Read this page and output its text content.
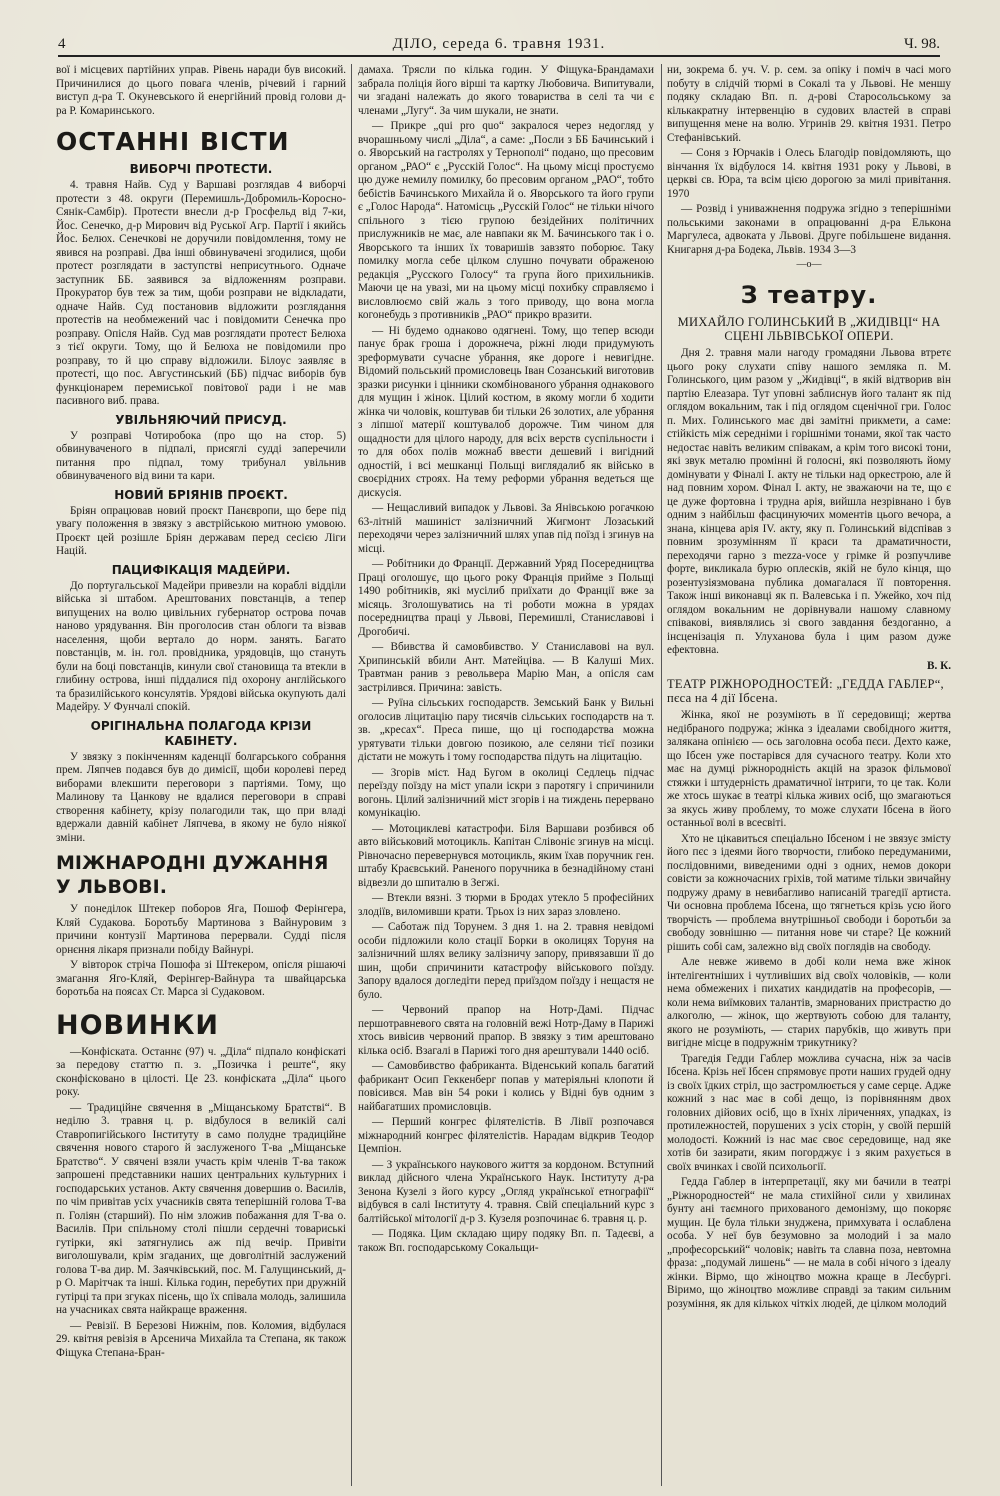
4	ДІЛО, середа 6. травня 1931.	Ч. 98.

вої і місцевих партійних управ. Рівень наради був високий. Причинилися до цього повага членів, річевий і гарний виступ д-ра Т. Окуневського й енергійний провід голови д-ра Р. Комаринського.

ОСТАННІ ВІСТИ
ВИБОРЧІ ПРОТЕСТИ.

4. травня Найв. Суд у Варшаві розглядав 4 виборчі протести з 48. округи (Перемишль-Добромиль-Коросно-Сянік-Самбір). Протести внесли д-р Гросфельд від 7-ки, Йос. Сенечко, д-р Мирович від Руської Агр. Партії і якийсь Йос. Белюх. Сенечкові не доручили повідомлення, тому не явився на розправі. Два інші обвинувачені згодилися, щоби протест розглядати в заступстві неприсутнього. Одначе заступник ББ. заявився за відложенням розправи. Прокуратор був теж за тим, щоби розправи не відкладати, одначе Найв. Суд постановив відложити розглядання протестів на необмежений час і повідомити Сенечка про розправу. Опісля Найв. Суд мав розглядати протест Белюха з тієї округи. Тому, що й Белюха не повідомили про розправу, то й цю справу відложили. Білоус заявляє в протесті, що пос. Августинський (ББ) підчас виборів був функціонарем перемиської повітової ради і не мав пасивного виб. права.

УВІЛЬНЯЮЧИЙ ПРИСУД.

У розправі Чотиробока (про що на стор. 5) обвинуваченого в підпалі, присяглі судді заперечили питання про підпал, тому трибунал увільнив обвинуваченого від вини та кари.

НОВИЙ БРІЯНІВ ПРОЄКТ.

Бріян опрацював новий проєкт Панєвропи, що бере під увагу положення в звязку з австрійською митною умовою. Проєкт цей розішле Бріян державам перед сесією Ліги Націй.

ПАЦИФІКАЦІЯ МАДЕЙРИ.

До португальської Мадейри привезли на кораблі відділи війська зі штабом. Арештованих повстанців, а тепер випущених на волю цивільних губернатор острова почав наново урядування. Він проголосив стан облоги та візвав населення, щоби вертало до норм. занять. Багато повстанців, м. ін. гол. провідника, урядовців, що стануть були на боці повстанців, кинули свої становища та втекли в глибину острова, інші піддалися під охорону англійського та бразилійського консулятів. Урядові війська окупують далі Мадейру. У Фунчалі спокій.

ОРІГІНАЛЬНА ПОЛАГОДА КРІЗИ КАБІНЕТУ.

У звязку з покінченням каденції болгарського собрання прем. Ляпчев подався був до димісії, щоби королеві перед виборами влекшити переговори з партіями. Тому, що Малинову та Цанкову не вдалися переговори в справі створення кабінету, крізу полагодили так, що при владі вдержали давній кабінет Ляпчева, в якому не було ніякої зміни.

МІЖНАРОДНІ ДУЖАННЯ У ЛЬВОВІ.

У понеділок Штекер поборов Яга, Пошоф Ферінгера, Кляй Судакова. Боротьбу Мартинова з Вайнуровим з причини контузії Мартинова перервали. Судді після орнєння лікаря признали побіду Вайнурі.

У вівторок стріча Пошофа зі Штекером, опісля рішаючі змагання Яго-Кляй, Ферінгер-Вайнура та швайцарська боротьба на поясах Ст. Марса зі Судаковом.

НОВИНКИ

—Конфіската. Останнє (97) ч. „Діла“ підпало конфіскаті за передову статтю п. з. „Позичка і реште“, яку сконфісковано в цілості. Це 23. конфіската „Діла“ цього року.

— Традиційне свячення в „Міщанському Братстві“. В неділю 3. травня ц. р. відбулося в великій салі Ставропигійського Інституту в само полудне традиційне свячення нового старого й заслуженого Т-ва „Міщанське Братство“. У свячені взяли участь крім членів Т-ва також запрошені представники наших центральних культурних і господарських установ. Акту свячення довершив о. Василів, по чім привітав усіх учасників свята теперішній голова Т-ва п. Голіян (старший). По нім зложив побажання для Т-ва о. Василів. При спільному столі пішли сердечні товариські гутірки, які затягнулись аж під вечір. Привіти виголошували, крім згаданих, ще довголітній заслужений голова Т-ва дир. М. Заячківський, пос. М. Галущинський, д-р О. Марітчак та інші. Кілька годин, перебутих при дружній гутірці та при згуках пісень, що їх співала молодь, залишила на учасниках свята найкраще враження.

— Ревізії. В Березові Нижнім, пов. Коломия, відбулася 29. квітня ревізія в Арсенича Михайла та Степана, як також Фіщука Степана-Бран-

дамаха. Трясли по кілька годин. У Фіщука-Брандамахи забрала поліція його вірші та картку Любовича. Випитували, чи згадані належать до якого товариства в селі та чи є членами „Лугу“. За чим шукали, не знати.

— Прикре „qui pro quo“ закралося через недогляд у вчорашньому числі „Діла“, а саме: „Посли з ББ Бачинський і о. Яворський на гастролях у Тернополі“ подано, що пресовим органом „РАО“ є „Русскій Голос“. На цьому місці простуємо цю дуже немилу помилку, бо пресовим органом „РАО“, тобто бебістів Бачинського Михайла й о. Яворського та його групи є „Голос Народа“. Натомісць „Русскій Голос“ не тільки нічого спільного з тією групою безідейних політичних прислужників не має, але навпаки як М. Бачинського так і о. Яворського та інших їх товаришів завзято поборює. Таку помилку могла себе цілком слушно почувати ображеною редакція „Русского Голосу“ та група його прихильників. Маючи це на увазі, ми на цьому місці похибку справляємо і висловлюємо свій жаль з того приводу, що вона могла когонебудь з противників „РАО“ прикро вразити.

— Ні будемо однаково одягнені. Тому, що тепер всюди панує брак гроша і дорожнеча, ріжні люди придумують зреформувати сучасне убрання, яке дороге і невигідне. Відомий польський промисловець Іван Созанський виготовив зразки рисунки і цінники скомбінованого убрання однакового для мущин і жінок. Цілий костюм, в якому могли б ходити жінка чи чоловік, коштував би тільки 26 золотих, але убрання з ліпшої матерії коштувалоб дорожче. Тим чином для ощадности для цілого народу, для всіх верств суспільности і то для обох полів можнаб ввести дешевий і вигідний одностій, і всі мешканці Польщі виглядалиб як військо в своєрідних строях. На тему реформи убрання ведеться ще дискусія.

— Нещасливий випадок у Львові. За Янівською рогачкою 63-літній машиніст залізничний Жигмонт Лозаський переходячи через залізничний шлях упав під поїзд і згинув на місці.

— Робітники до Франції. Державний Уряд Посередництва Праці оголошує, що цього року Франція прийме з Польщі 1490 робітників, які мусілиб приїхати до Франції вже за місяць. Зголошуватись на ті роботи можна в урядах посередництва праці у Львові, Перемишлі, Станиславові і Дрогобичі.

— Вбивства й самовбивство. У Станиславові на вул. Хрипинській вбили Ант. Матейціва. — В Калуші Мих. Травтман ранив з револьвера Марію Ман, а опісля сам застрілився. Причина: завість.

— Руїна сільських господарств. Земський Банк у Вильні оголосив ліцитацію пару тисячів сільських господарств на т. зв. „кресах“. Преса пише, що ці господарства можна урятувати тільки довгою позикою, але селяни тієї позики дістати не можуть і тому господарства підуть на ліцитацію.

— Згорів міст. Над Бугом в околиці Седлець підчас переїзду поїзду на міст упали іскри з паротягу і спричинили вогонь. Цілий залізничний міст згорів і на тиждень перервано комунікацію.

— Мотоциклеві катастрофи. Біля Варшави розбився об авто військовий мотоцикль. Капітан Слівоніє згинув на місці. Рівночасно перевернувся мотоцикль, яким їхав поручник ген. штабу Краєвський. Раненого поручника в безнадійному стані відвезли до шпиталю в Зегжі.

— Втекли вязні. З тюрми в Бродах утекло 5 професійних злодіїв, виломивши крати. Трьох із них зараз зловлено.

— Саботаж під Торунем. З дня 1. на 2. травня невідомі особи підложили коло стації Борки в околицях Торуня на залізничний шлях велику залізничу запору, привязавши її до шин, щоби спричинити катастрофу військового поїзду. Запору вдалося догледіти перед приїздом поїзду і нещастя не було.

— Червоний прапор на Нотр-Дамі. Підчас першотравневого свята на головній вежі Нотр-Даму в Парижі хтось вивісив червоний прапор. В звязку з тим арештовано кілька осіб. Взагалі в Парижі того дня арештували 1440 осіб.

— Самовбивство фабриканта. Віденський копаль багатий фабрикант Осип Геккенберг попав у матеріяльні клопоти й повісився. Мав він 54 роки і колись у Відні був одним з найбагатших промисловців.

— Перший конгрес філятелістів. В Лівії розпочався міжнародний конгрес філятелістів. Нарадам відкрив Теодор Цемпіон.

— З українського наукового життя за кордоном. Вступний виклад дійсного члена Українського Наук. Інституту д-ра Зенона Кузелі з його курсу „Огляд української етнографії“ відбувся в салі Інституту 4. травня. Свій спеціальний курс з балтійської мітології д-р З. Кузеля розпочинає 6. травня ц. р.

— Подяка. Цим складаю щиру подяку Вп. п. Тадеєві, а також Вп. господарському Сокальщи-

ни, зокрема б. уч. V. р. сем. за опіку і поміч в часі мого побуту в слідчій тюрмі в Сокалі та у Львові. Не меншу подяку складаю Вп. п. д-рові Старосольському за кількакратну інтервенцію в судових властей в справі випущення мене на волю. Угринів 29. квітня 1931. Петро Стефанівський.

— Соня з Юрчаків і Олесь Благодір повідомляють, що вінчання їх відбулося 14. квітня 1931 року у Львові, в церкві св. Юра, та всім цією дорогою за милі привітання. 1970

— Розвід і униважнення подружа згідно з теперішніми польськими законами в опрацюванні д-ра Елькона Маргулеса, адвоката у Львові. Друге побільшене видання. Книгарня д-ра Бодека, Львів. 1934 3—3

—o—
З театру.
МИХАЙЛО ГОЛИНСЬКИЙ В „ЖИДІВЦІ“ НА СЦЕНІ ЛЬВІВСЬКОЇ ОПЕРИ.

Дня 2. травня мали нагоду громадяни Львова втретє цього року слухати співу нашого земляка п. М. Голинського, цим разом у „Жидівці“, в якій відтворив він партію Елеазара. Тут уповні заблиснув його талант як під оглядом вокальним, так і під оглядом сценічної гри. Голос п. Мих. Голинського має дві замітні прикмети, а саме: стійкість між середніми і горішніми тонами, якої так часто недостає навіть великим співакам, а крім того високі тони, які звук металю промінні й голосні, які позволяють йому домінувати у Фіналі І. акту не тільки над оркестрою, але й над повним хором. Фінал І. акту, не зважаючи на те, що є це дуже фортовна і трудна арія, вийшла незрівнано і був одним з найбільш фасцинуючих моментів цього вечора, а знана, кінцева арія IV. акту, яку п. Голинський відспівав з повним зрозумінням її краси та драматичности, переходячи гарно з mezza-voce у грімке й розпучливе форте, викликала бурю оплесків, якій не було кінця, що розентузіязмована публика домагалася її повторення. Також інші виконавці як п. Валевська і п. Ужейко, хоч під оглядом вокальним не дорівнували нашому славному співакові, виявлялись зі свого завдання бездоганно, а інсценізація п. Улуханова була і цим разом дуже ефектовна.

В. К.

ТЕАТР РІЖНОРОДНОСТЕЙ: „ГЕДДА ГАБЛЕР“, пєса на 4 дії Ібсена.

Жінка, якої не розуміють в її середовищі; жертва недібраного подружа; жінка з ідеалами свобідного життя, залякана опінією — ось заголовна особа пєси. Дехто каже, що Ібсен уже постарівся для сучасного театру. Коли хто має на думці ріжнородність акцій на зразок фільмової стяжки і штудерність драматичної інтриги, то це так. Коли же хтось шукає в театрі кілька живих осіб, що змагаються за якусь живу проблему, то може слухати Ібсена в його останньої волі в всесвіті.

Хто не цікавиться спеціально Ібсеном і не звязує змісту його пєс з ідеями його творчости, глибоко передуманими, послідовними, виведеними одні з одних, немов докори совісти за кожночасних гріхів, той матиме тільки звичайну подружу драму в невибагливо написаній трагедії артиста. Чи основна проблема Ібсена, що тягнеться крізь усю його творчість — проблема внутрішньої свободи і боротьби за свободу зовнішню — питання нове чи старе? Це кожний рішить собі сам, залежно від своїх поглядів на свободу.

Але невже живемо в добі коли нема вже жінок інтелігентніших і чутливіших від своїх чоловіків, — коли нема обмежених і пихатих кандидатів на професорів, — коли нема виїмкових талантів, змарнованих пристрастю до алкоголю, — жінок, що жертвують собою для таланту, якого не розуміють, — старих парубків, що живуть при вигідне місце в подружнім трикутнику?

Трагедія Гедди Габлер можлива сучасна, ніж за часів Ібсена. Крізь неї Ібсен спрямовує проти наших грудей одну із своїх їдких стріл, що застромлюється у саме серце. Адже кожний з нас має в собі дещо, із порівнянням двох головних дійових осіб, що в їхніх ліриченнях, упадках, із протилежностей, порушених з усіх сторін, у своїй першій молодості. Кожний із нас має своє середовище, над яке хотів би зазирати, яким погорджує і з яким рахується в своїх вчинках і своїй психольогії.

Гедда Габлер в інтерпретації, яку ми бачили в театрі „Ріжнородностей“ не мала стихійної сили у хвилинах бунту ані таємного прихованого демонізму, що покоряє мущин. Це була тільки знуджена, примхувата і ослаблена особа. У неї був безумовно за молодий і за мало „професорський“ чоловік; навіть та славна поза, невтомна фраза: „подумай лишень“ — не мала в собі нічого з ідеалу жінки. Вірмо, що жіноцтво можна краще в Лесбургі. Віримо, що жіноцтво можливе справді за таким сильним розуміння, як для кількох чіткіх людей, де цілком молодий
